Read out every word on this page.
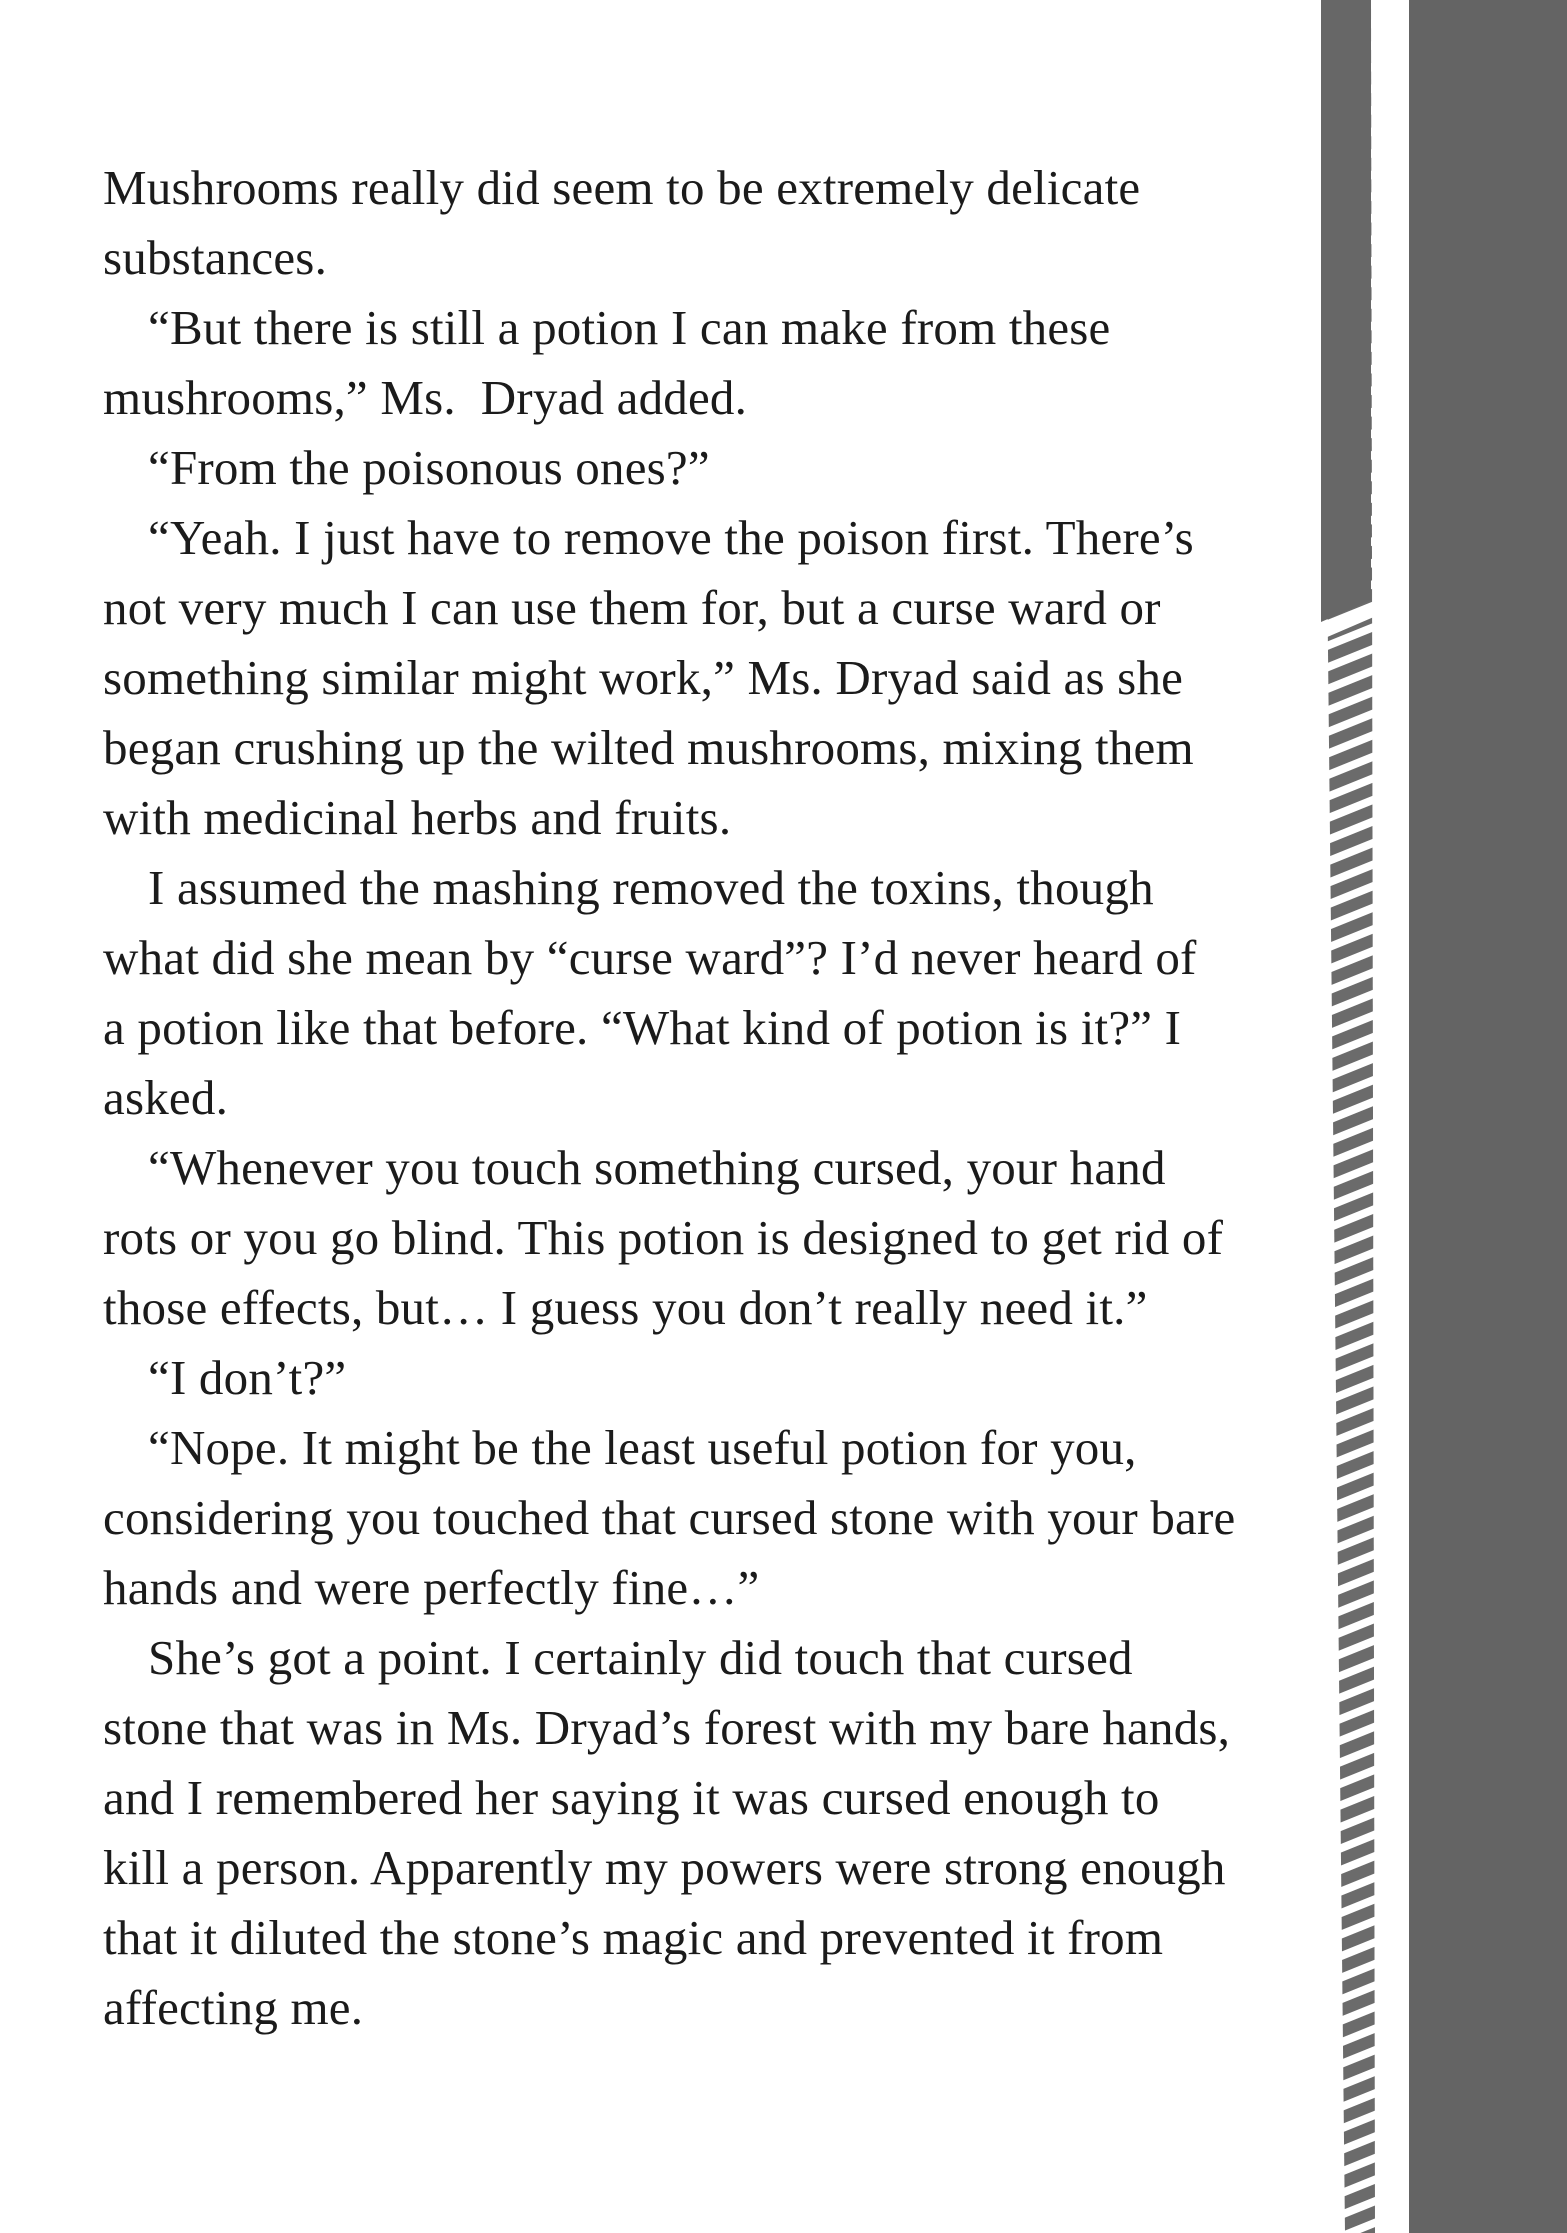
Mushrooms really did seem to be extremely delicate
substances.
“But there is still a potion I can make from these
mushrooms,” Ms.  Dryad added.
“From the poisonous ones?”
“Yeah. I just have to remove the poison first. There’s
not very much I can use them for, but a curse ward or
something similar might work,” Ms. Dryad said as she
began crushing up the wilted mushrooms, mixing them
with medicinal herbs and fruits.
I assumed the mashing removed the toxins, though
what did she mean by “curse ward”? I’d never heard of
a potion like that before. “What kind of potion is it?” I
asked.
“Whenever you touch something cursed, your hand
rots or you go blind. This potion is designed to get rid of
those effects, but… I guess you don’t really need it.”
“I don’t?”
“Nope. It might be the least useful potion for you,
considering you touched that cursed stone with your bare
hands and were perfectly fine…”
She’s got a point. I certainly did touch that cursed
stone that was in Ms. Dryad’s forest with my bare hands,
and I remembered her saying it was cursed enough to
kill a person. Apparently my powers were strong enough
that it diluted the stone’s magic and prevented it from
affecting me.
